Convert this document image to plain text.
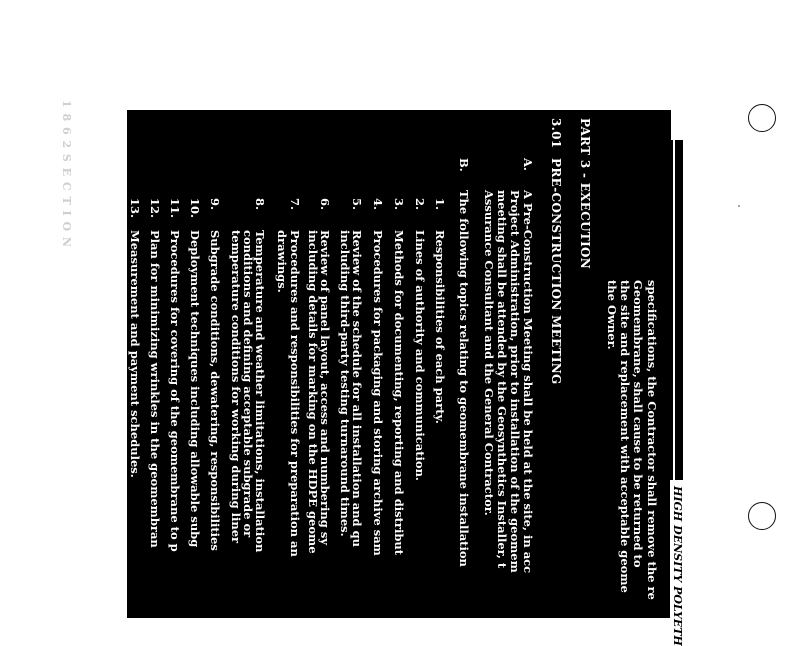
1 8 6 2 S E C T I O N
HIGH DENSITY POLYETH
specifications, the Contractor shall remove the re
Geomembrane, shall cause to be returned to
the site and replacement with acceptable geome
the Owner.
PART 3 - EXECUTION
3.01
PRE-CONSTRUCTION MEETING
A.
A Pre-Construction Meeting shall be held at the site, in acc
Project Administration, prior to installation of the geomem
meeting shall be attended by the Geosynthetics Installer, t
Assurance Consultant and the General Contractor.
B.
The following topics relating to geomembrane installation
1.
Responsibilities of each party.
2.
Lines of authority and communication.
3.
Methods for documenting, reporting and distribut
4.
Procedures for packaging and storing archive sam
5.
Review of the schedule for all installation and qu
including third-party testing turnaround times.
6.
Review of panel layout, access and numbering sy
including details for marking on the HDPE geome
7.
Procedures and responsibilities for preparation an
drawings.
8.
Temperature and weather limitations, installation
conditions and defining acceptable subgrade or
temperature conditions for working during liner
9.
Subgrade conditions, dewatering, responsibilities
10.
Deployment techniques including allowable subg
11.
Procedures for covering of the geomembrane to p
12.
Plan for minimizing wrinkles in the geomembran
13.
Measurement and payment schedules.
14.
Site health and safety procedure/protocols.
3.02
SUBGRADE PREPARATION
1862 Section 02600 HDPE Geomembrane.doc
Section 02600-9
